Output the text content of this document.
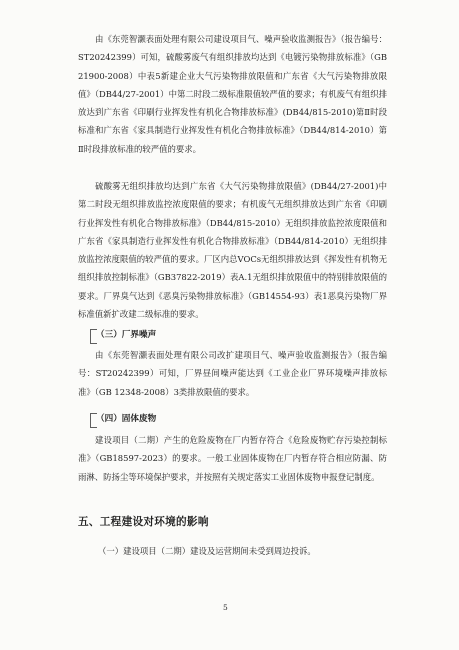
由《东莞智灏表面处理有限公司建设项目气、噪声验收监测报告》（报告编号：ST20242399）可知，硫酸雾废气有组织排放均达到《电镀污染物排放标准》（GB21900-2008）中表5新建企业大气污染物排放限值和广东省《大气污染物排放限值》（DB44/27-2001）中第二时段二级标准限值较严值的要求；有机废气有组织排放达到广东省《印刷行业挥发性有机化合物排放标准》(DB44/815-2010)第Ⅱ时段标准和广东省《家具制造行业挥发性有机化合物排放标准》（DB44/814-2010）第Ⅱ时段排放标准的较严值的要求。
硫酸雾无组织排放均达到广东省《大气污染物排放限值》(DB44/27-2001)中第二时段无组织排放监控浓度限值的要求；有机废气无组织排放达到广东省《印刷行业挥发性有机化合物排放标准》（DB44/815-2010）无组织排放监控浓度限值和广东省《家具制造行业挥发性有机化合物排放标准》（DB44/814-2010）无组织排放监控浓度限值的较严值的要求。厂区内总VOCs无组织排放达到《挥发性有机物无组织排放控制标准》（GB37822-2019）表A.1无组织排放限值中的特别排放限值的要求。厂界臭气达到《恶臭污染物排放标准》（GB14554-93）表1恶臭污染物厂界标准值新扩改建二级标准的要求。
（三）厂界噪声
由《东莞智灏表面处理有限公司改扩建项目气、噪声验收监测报告》（报告编号：ST20242399）可知，厂界昼间噪声能达到《工业企业厂界环境噪声排放标准》（GB 12348-2008）3类排放限值的要求。
（四）固体废物
建设项目（二期）产生的危险废物在厂内暂存符合《危险废物贮存污染控制标准》（GB18597-2023）的要求。一般工业固体废物在厂内暂存符合相应防漏、防雨淋、防扬尘等环境保护要求，并按照有关规定落实工业固体废物申报登记制度。
五、工程建设对环境的影响
（一）建设项目（二期）建设及运营期间未受到周边投诉。
5
